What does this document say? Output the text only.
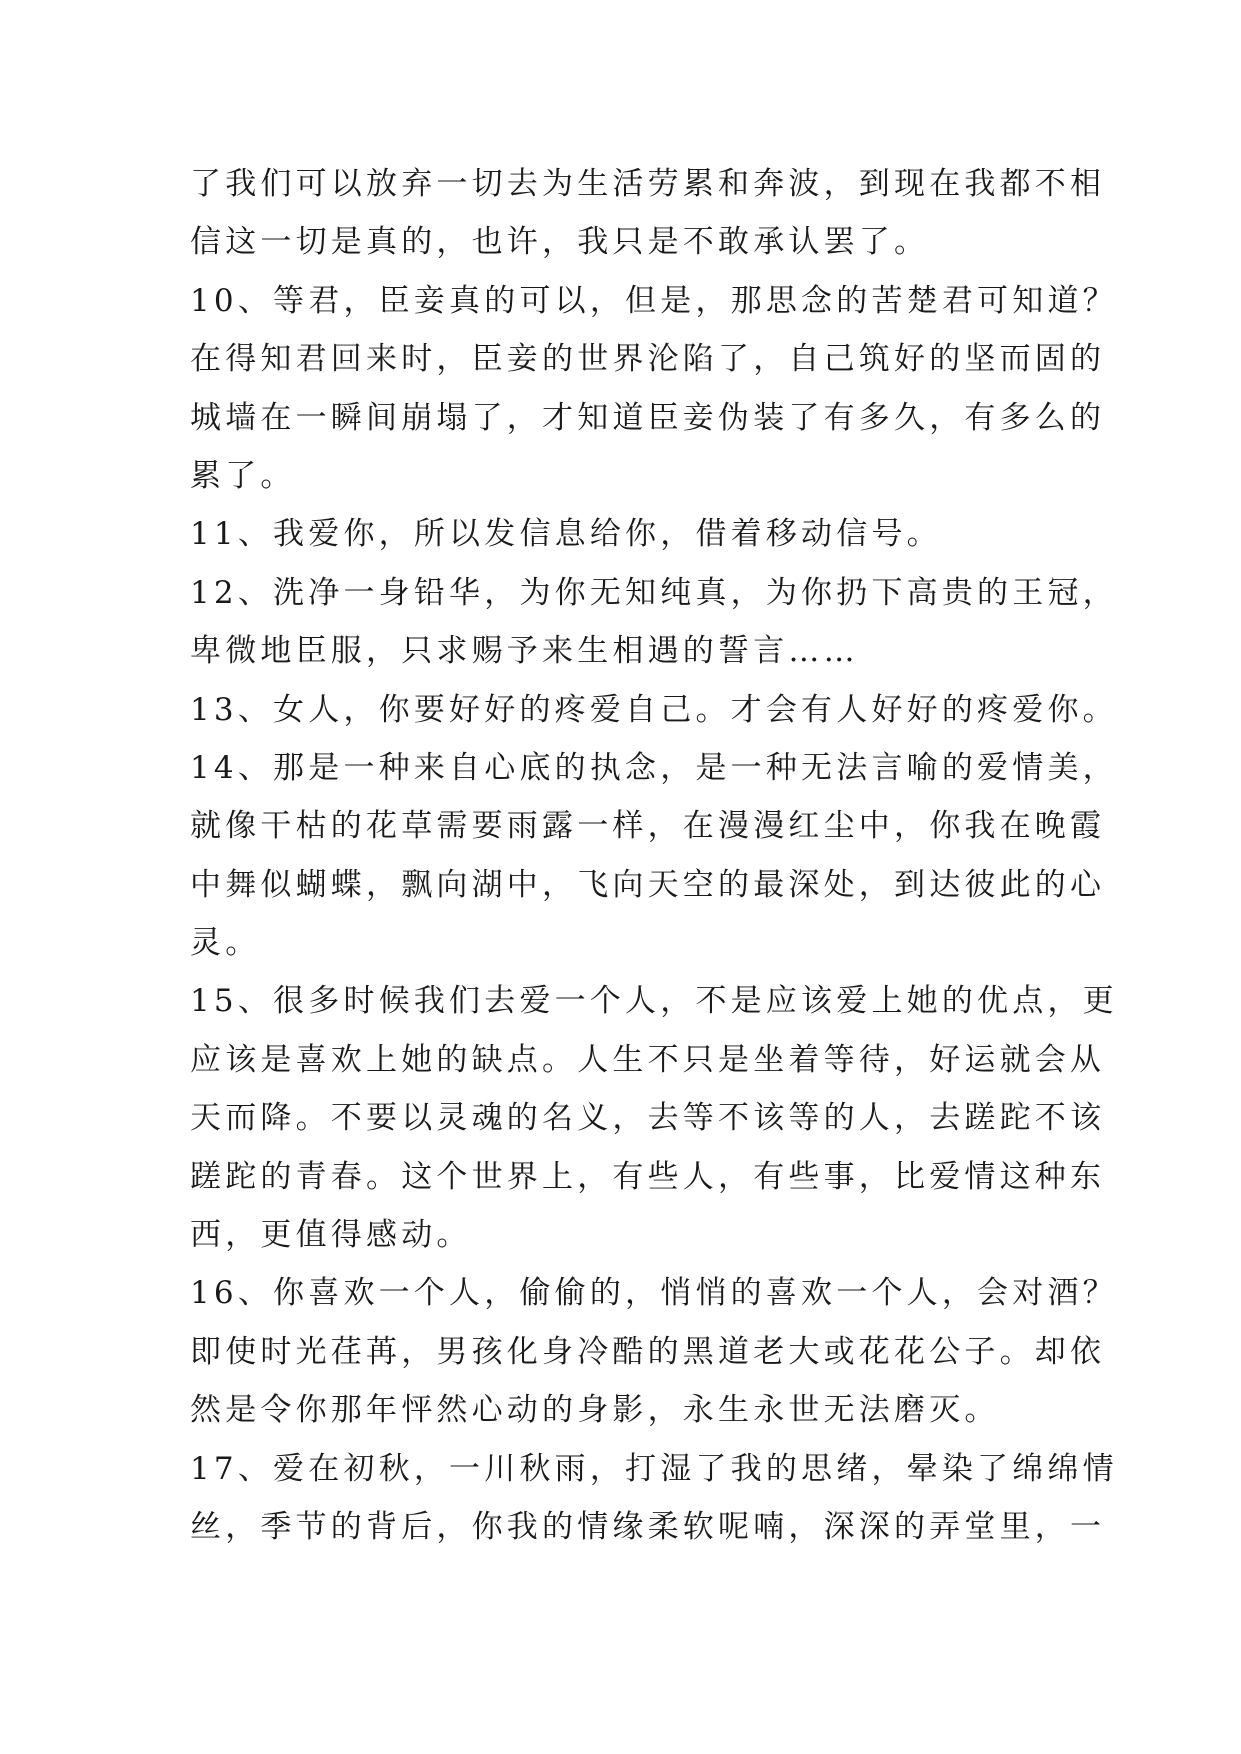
了我们可以放弃一切去为生活劳累和奔波，到现在我都不相

信这一切是真的，也许，我只是不敢承认罢了。

10、等君，臣妾真的可以，但是，那思念的苦楚君可知道？

在得知君回来时，臣妾的世界沦陷了，自己筑好的坚而固的

城墙在一瞬间崩塌了，才知道臣妾伪装了有多久，有多么的

累了。

11、我爱你，所以发信息给你，借着移动信号。

12、洗净一身铅华，为你无知纯真，为你扔下高贵的王冠，

卑微地臣服，只求赐予来生相遇的誓言……

13、女人，你要好好的疼爱自己。才会有人好好的疼爱你。

14、那是一种来自心底的执念，是一种无法言喻的爱情美，

就像干枯的花草需要雨露一样，在漫漫红尘中，你我在晚霞

中舞似蝴蝶，飘向湖中，飞向天空的最深处，到达彼此的心

灵。

15、很多时候我们去爱一个人，不是应该爱上她的优点，更

应该是喜欢上她的缺点。人生不只是坐着等待，好运就会从

天而降。不要以灵魂的名义，去等不该等的人，去蹉跎不该

蹉跎的青春。这个世界上，有些人，有些事，比爱情这种东

西，更值得感动。

16、你喜欢一个人，偷偷的，悄悄的喜欢一个人，会对酒？

即使时光荏苒，男孩化身冷酷的黑道老大或花花公子。却依

然是令你那年怦然心动的身影，永生永世无法磨灭。

17、爱在初秋，一川秋雨，打湿了我的思绪，晕染了绵绵情

丝，季节的背后，你我的情缘柔软呢喃，深深的弄堂里，一
